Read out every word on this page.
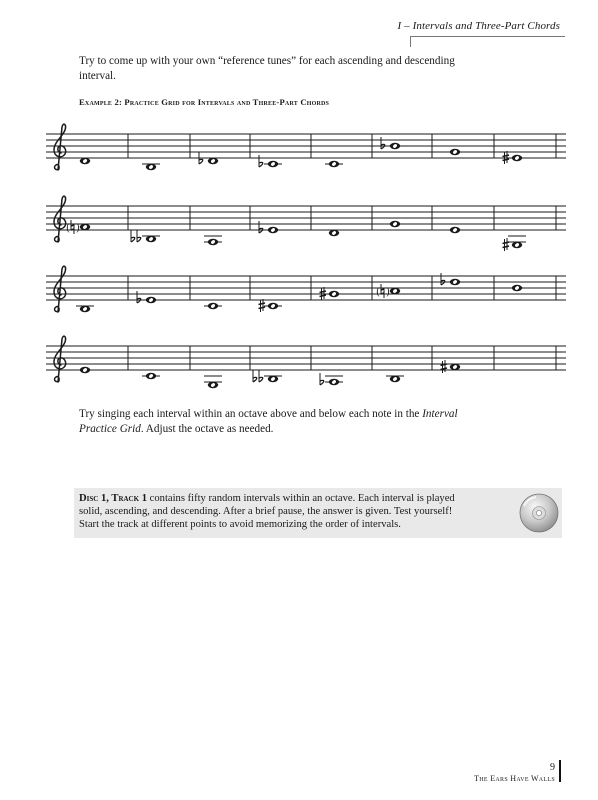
I – Intervals and Three-Part Chords
Try to come up with your own “reference tunes” for each ascending and descending interval.
Example 2: Practice Grid for Intervals and Three-Part Chords
( )
( )
Try singing each interval within an octave above and below each note in the Interval Practice Grid. Adjust the octave as needed.
Disc 1, Track 1 contains fifty random intervals within an octave. Each interval is played solid, ascending, and descending. After a brief pause, the answer is given. Test yourself! Start the track at different points to avoid memorizing the order of intervals.
9
The Ears Have Walls
